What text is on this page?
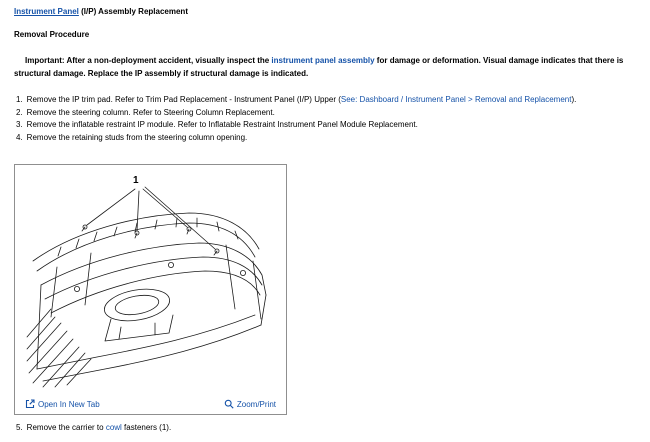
Instrument Panel (I/P) Assembly Replacement
Removal Procedure

Important: After a non-deployment accident, visually inspect the instrument panel assembly for damage or deformation. Visual damage indicates that there is structural damage. Replace the IP assembly if structural damage is indicated.

1. Remove the IP trim pad. Refer to Trim Pad Replacement - Instrument Panel (I/P) Upper (See: Dashboard / Instrument Panel > Removal and Replacement).
2. Remove the steering column. Refer to Steering Column Replacement.
3. Remove the inflatable restraint IP module. Refer to Inflatable Restraint Instrument Panel Module Replacement.
4. Remove the retaining studs from the steering column opening.
1
Open In New Tab	Zoom/Print
5. Remove the carrier to cowl fasteners (1).
